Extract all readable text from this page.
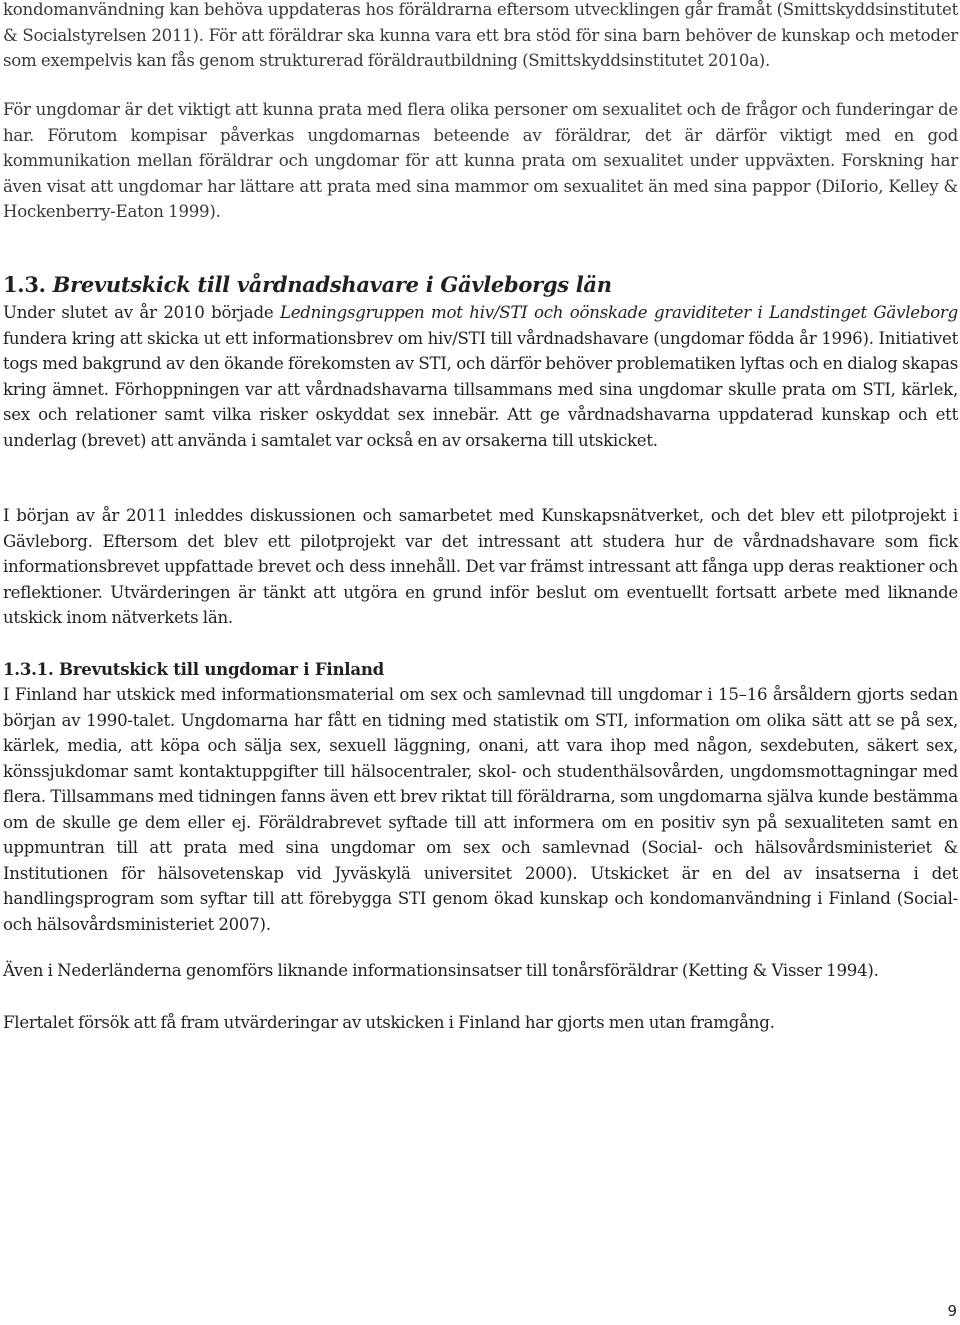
kondomanvändning kan behöva uppdateras hos föräldrarna eftersom utvecklingen går framåt (Smittskyddsinstitutet & Socialstyrelsen 2011). För att föräldrar ska kunna vara ett bra stöd för sina barn behöver de kunskap och metoder som exempelvis kan fås genom strukturerad föräldrautbildning (Smittskyddsinstitutet 2010a).

För ungdomar är det viktigt att kunna prata med flera olika personer om sexualitet och de frågor och funderingar de har. Förutom kompisar påverkas ungdomarnas beteende av föräldrar, det är därför viktigt med en god kommunikation mellan föräldrar och ungdomar för att kunna prata om sexualitet under uppväxten. Forskning har även visat att ungdomar har lättare att prata med sina mammor om sexualitet än med sina pappor (DiIorio, Kelley & Hockenberry-Eaton 1999).

1.3. Brevutskick till vårdnadshavare i Gävleborgs län

Under slutet av år 2010 började Ledningsgruppen mot hiv/STI och oönskade graviditeter i Landstinget Gävleborg fundera kring att skicka ut ett informationsbrev om hiv/STI till vårdnadshavare (ungdomar födda år 1996). Initiativet togs med bakgrund av den ökande förekomsten av STI, och därför behöver problematiken lyftas och en dialog skapas kring ämnet. Förhoppningen var att vårdnadshavarna tillsammans med sina ungdomar skulle prata om STI, kärlek, sex och relationer samt vilka risker oskyddat sex innebär. Att ge vårdnadshavarna uppdaterad kunskap och ett underlag (brevet) att använda i samtalet var också en av orsakerna till utskicket.

I början av år 2011 inleddes diskussionen och samarbetet med Kunskapsnätverket, och det blev ett pilotprojekt i Gävleborg. Eftersom det blev ett pilotprojekt var det intressant att studera hur de vårdnadshavare som fick informationsbrevet uppfattade brevet och dess innehåll. Det var främst intressant att fånga upp deras reaktioner och reflektioner. Utvärderingen är tänkt att utgöra en grund inför beslut om eventuellt fortsatt arbete med liknande utskick inom nätverkets län.

1.3.1. Brevutskick till ungdomar i Finland

I Finland har utskick med informationsmaterial om sex och samlevnad till ungdomar i 15–16 årsåldern gjorts sedan början av 1990-talet. Ungdomarna har fått en tidning med statistik om STI, information om olika sätt att se på sex, kärlek, media, att köpa och sälja sex, sexuell läggning, onani, att vara ihop med någon, sexdebuten, säkert sex, könssjukdomar samt kontaktuppgifter till hälsocentraler, skol- och studenthälsovården, ungdomsmottagningar med flera. Tillsammans med tidningen fanns även ett brev riktat till föräldrarna, som ungdomarna själva kunde bestämma om de skulle ge dem eller ej. Föräldrabrevet syftade till att informera om en positiv syn på sexualiteten samt en uppmuntran till att prata med sina ungdomar om sex och samlevnad (Social- och hälsovårdsministeriet & Institutionen för hälsovetenskap vid Jyväskylä universitet 2000). Utskicket är en del av insatserna i det handlingsprogram som syftar till att förebygga STI genom ökad kunskap och kondomanvändning i Finland (Social- och hälsovårdsministeriet 2007).

Även i Nederländerna genomförs liknande informationsinsatser till tonårsföräldrar (Ketting & Visser 1994).

Flertalet försök att få fram utvärderingar av utskicken i Finland har gjorts men utan framgång.

9
